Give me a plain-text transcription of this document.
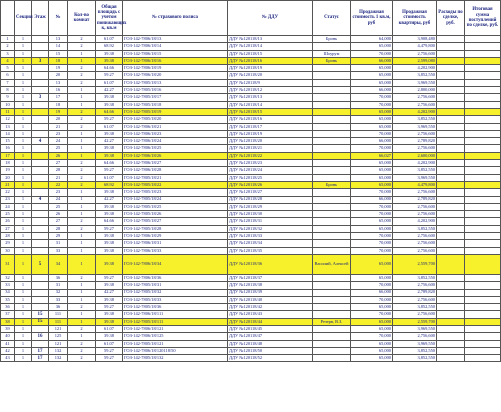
	Секция	Этаж	№	Кол-во комнат	Общая площадь с учетом понижающих к, кв.м	№ страхового полиса	№ ДДУ	Статус	Продажная стоимость 1 кв.м, руб	Продажная стоимость квартиры, руб	Расходы по сделке, руб.	Итоговая сумма поступлений по сделке, руб.
1	1		13	2	61.07	ГОЗ-142-7806/18/13	ДДУ №120118/13	Бронь	64,000	3,908,480		
2	1		14	2	68.92	ГОЗ-142-7806/18/14	ДДУ №120118/14		65,000	4,479,800		
3	1		15	1	39.38	ГОЗ-142-7806/18/15	ДДУ №120118/15	Шоурум	70,000	2,756,600		
4	1	3	18	1	39.38	ГОЗ-142-7806/18/16	ДДУ №120118/16	Бронь	66,000	2,599,080		
5	1		19	2	64.66	ГОЗ-142-7806/18/19	ДДУ №120118/19		65,000	4,202,900		
6	1		20	2	59.27	ГОЗ-142-7806/18/20	ДДУ №120118/20		65,000	3,852,550		
7	1		13	2	61.07	ГОЗ-142-7805/18/13	ДДУ №120118/9		65,000	3,969,550		
8	1		16	1	42.27	ГОЗ-142-7805/18/16	ДДУ №120118/12		66,000	2,800,000		
9	1	3	17	1	39.38	ГОЗ-142-7805/18/17	ДДУ №120118/13		70,000	2,756,600		
10	1		18	1	39.38	ГОЗ-142-7805/18/18	ДДУ №120118/14		70,000	2,756,600		
11	1		19	2	64.66	ГОЗ-142-7805/18/19	ДДУ №120118/15		65,000	4,202,900		
12	1		20	2	59.27	ГОЗ-142-7805/18/20	ДДУ №120118/16		65,000	3,852,550		
13	1		21	2	61.07	ГОЗ-142-7806/18/21	ДДУ №120118/17		65,000	3,969,550		
14	1		23	1	39.38	ГОЗ-142-7806/18/23	ДДУ №120118/19		70,000	2,756,600		
15	1	4	24	1	42.27	ГОЗ-142-7806/18/24	ДДУ №120118/20		66,000	2,789,820		
16	1		25	1	39.38	ГОЗ-142-7806/18/25	ДДУ №120118/21		70,000	2,756,600		
17	1		26	1	39.38	ГОЗ-142-7806/18/26	ДДУ №120118/22		66,027	2,600,000		
18	1		27	2	64.66	ГОЗ-142-7806/18/27	ДДУ №120118/23		65,000	4,202,900		
19	1		28	2	59.27	ГОЗ-142-7806/18/28	ДДУ №120118/24		65,000	3,852,550		
20	1		21	2	61.07	ГОЗ-142-7805/18/21	ДДУ №120118/25		65,000	3,969,550		
21	1		22	2	68.92	ГОЗ-142-7805/18/22	ДДУ №120118/26	Бронь	65,000	4,479,800		
22	1		23	1	39.38	ГОЗ-142-7805/18/23	ДДУ №120118/27		70,000	2,756,600		
23	1	4	24	1	42.27	ГОЗ-142-7805/18/24	ДДУ №120118/28		66,000	2,789,820		
24	1		25	1	39.38	ГОЗ-142-7805/18/25	ДДУ №120118/29		70,000	2,756,600		
25	1		26	1	39.38	ГОЗ-142-7805/18/26	ДДУ №120118/30		70,000	2,756,600		
26	1		27	2	64.66	ГОЗ-142-7805/18/27	ДДУ №120118/31		65,000	4,202,900		
27	1		28	2	59.27	ГОЗ-142-7805/18/28	ДДУ №120118/32		65,000	3,852,550		
28	1		29	1	39.38	ГОЗ-142-7806/18/29	ДДУ №120118/33		70,000	2,756,600		
29	1		31	1	39.38	ГОЗ-142-7806/18/31	ДДУ №120118/34		70,000	2,756,600		
30	1		33	1	39.38	ГОЗ-142-7806/18/33	ДДУ №120118/35		70,000	2,756,600		
31	1	5	34	1	39.38	ГОЗ-142-7806/18/34	ДДУ №120118/36	Василий, Алексей	65,000	2,559,700		
32	1		36	2	59.27	ГОЗ-142-7806/18/36	ДДУ №120118/37		65,000	3,852,550		
33	1		31	1	39.38	ГОЗ-142-7805/18/31	ДДУ №120118/38		70,000	2,756,600		
34	1		32	1	42.27	ГОЗ-142-7805/18/32	ДДУ №120118/39		66,000	2,789,820		
35	1		33	1	39.38	ГОЗ-142-7805/18/33	ДДУ №120118/40		70,000	2,756,600		
36	1		36	2	59.27	ГОЗ-142-7805/18/36	ДДУ №120118/42		65,000	3,852,550		
37	1	15	111	1	39.38	ГОЗ-142-7806/18/111	ДДУ №120118/43		70,000	2,756,600		
38	1	15	111	1	39.38	ГОЗ-142-7805/18/111	ДДУ №120118/44	Резерв, В.З.	65,000	2,559,700		
39	1		121	2	61.07	ГОЗ-142-7806/18/121	ДДУ №120118/45		65,000	3,969,550		
40	1	16	125	1	39.38	ГОЗ-142-7806/18/125	ДДУ №120118/47		70,000	2,756,600		
41	1		121	2	61.07	ГОЗ-142-7805/18/121	ДДУ №120118/48		65,000	3,969,550		
42	1	17	132	2	59.27	ГОЗ-142-7806/18/120118/50	ДДУ №120118/50		65,000	3,852,550		
43	1	17	132	2	59.27	ГОЗ-142-7805/18/132	ДДУ №120118/52		65,000	3,852,550		
